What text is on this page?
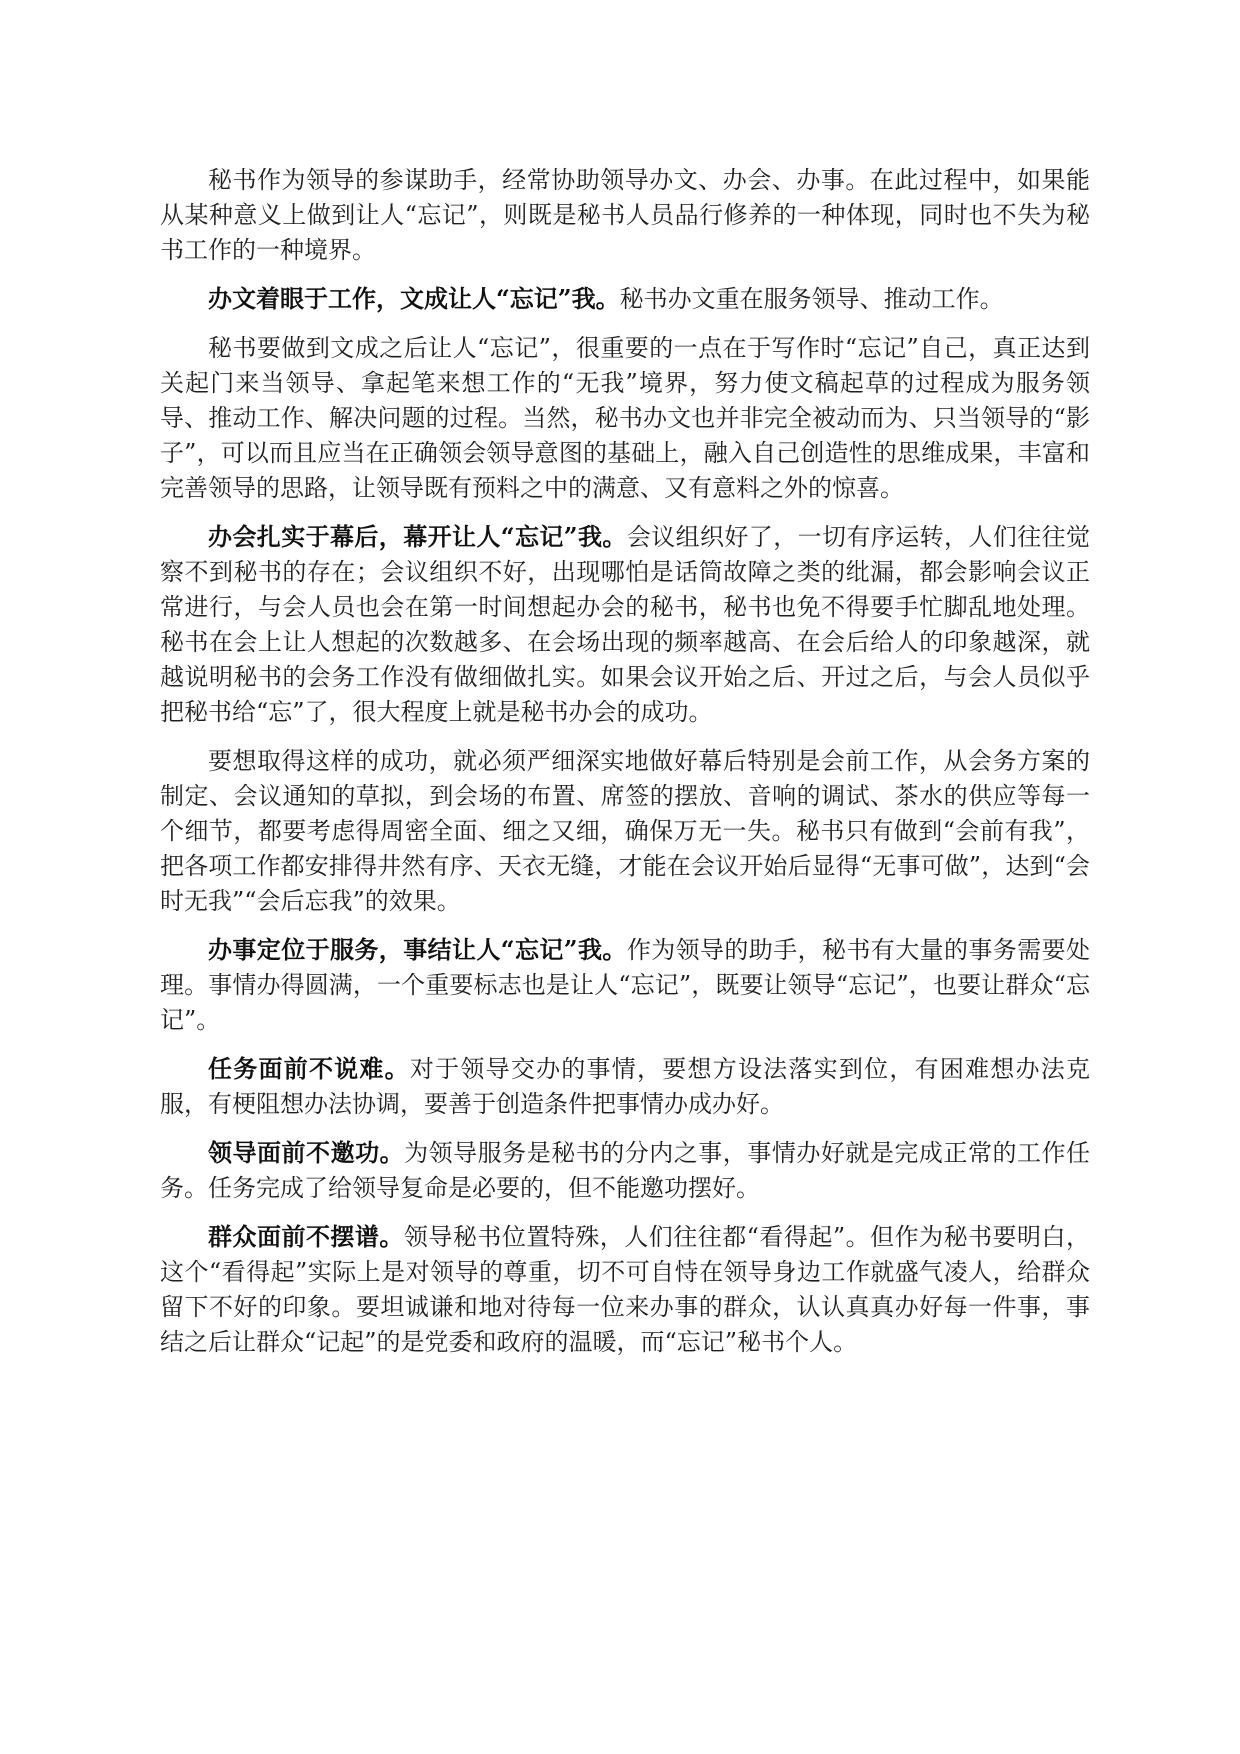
秘书作为领导的参谋助手，经常协助领导办文、办会、办事。在此过程中，如果能从某种意义上做到让人“忘记”，则既是秘书人员品行修养的一种体现，同时也不失为秘书工作的一种境界。

办文着眼于工作，文成让人“忘记”我。秘书办文重在服务领导、推动工作。

秘书要做到文成之后让人“忘记”，很重要的一点在于写作时“忘记”自己，真正达到关起门来当领导、拿起笔来想工作的“无我”境界，努力使文稿起草的过程成为服务领导、推动工作、解决问题的过程。当然，秘书办文也并非完全被动而为、只当领导的“影子”，可以而且应当在正确领会领导意图的基础上，融入自己创造性的思维成果，丰富和完善领导的思路，让领导既有预料之中的满意、又有意料之外的惊喜。

办会扎实于幕后，幕开让人“忘记”我。会议组织好了，一切有序运转，人们往往觉察不到秘书的存在；会议组织不好，出现哪怕是话筒故障之类的纰漏，都会影响会议正常进行，与会人员也会在第一时间想起办会的秘书，秘书也免不得要手忙脚乱地处理。秘书在会上让人想起的次数越多、在会场出现的频率越高、在会后给人的印象越深，就越说明秘书的会务工作没有做细做扎实。如果会议开始之后、开过之后，与会人员似乎把秘书给“忘”了，很大程度上就是秘书办会的成功。

要想取得这样的成功，就必须严细深实地做好幕后特别是会前工作，从会务方案的制定、会议通知的草拟，到会场的布置、席签的摆放、音响的调试、茶水的供应等每一个细节，都要考虑得周密全面、细之又细，确保万无一失。秘书只有做到“会前有我”，把各项工作都安排得井然有序、天衣无缝，才能在会议开始后显得“无事可做”，达到“会时无我”“会后忘我”的效果。

办事定位于服务，事结让人“忘记”我。作为领导的助手，秘书有大量的事务需要处理。事情办得圆满，一个重要标志也是让人“忘记”，既要让领导“忘记”，也要让群众“忘记”。

任务面前不说难。对于领导交办的事情，要想方设法落实到位，有困难想办法克服，有梗阻想办法协调，要善于创造条件把事情办成办好。

领导面前不邀功。为领导服务是秘书的分内之事，事情办好就是完成正常的工作任务。任务完成了给领导复命是必要的，但不能邀功摆好。

群众面前不摆谱。领导秘书位置特殊，人们往往都“看得起”。但作为秘书要明白，这个“看得起”实际上是对领导的尊重，切不可自恃在领导身边工作就盛气凌人，给群众留下不好的印象。要坦诚谦和地对待每一位来办事的群众，认认真真办好每一件事，事结之后让群众“记起”的是党委和政府的温暖，而“忘记”秘书个人。
